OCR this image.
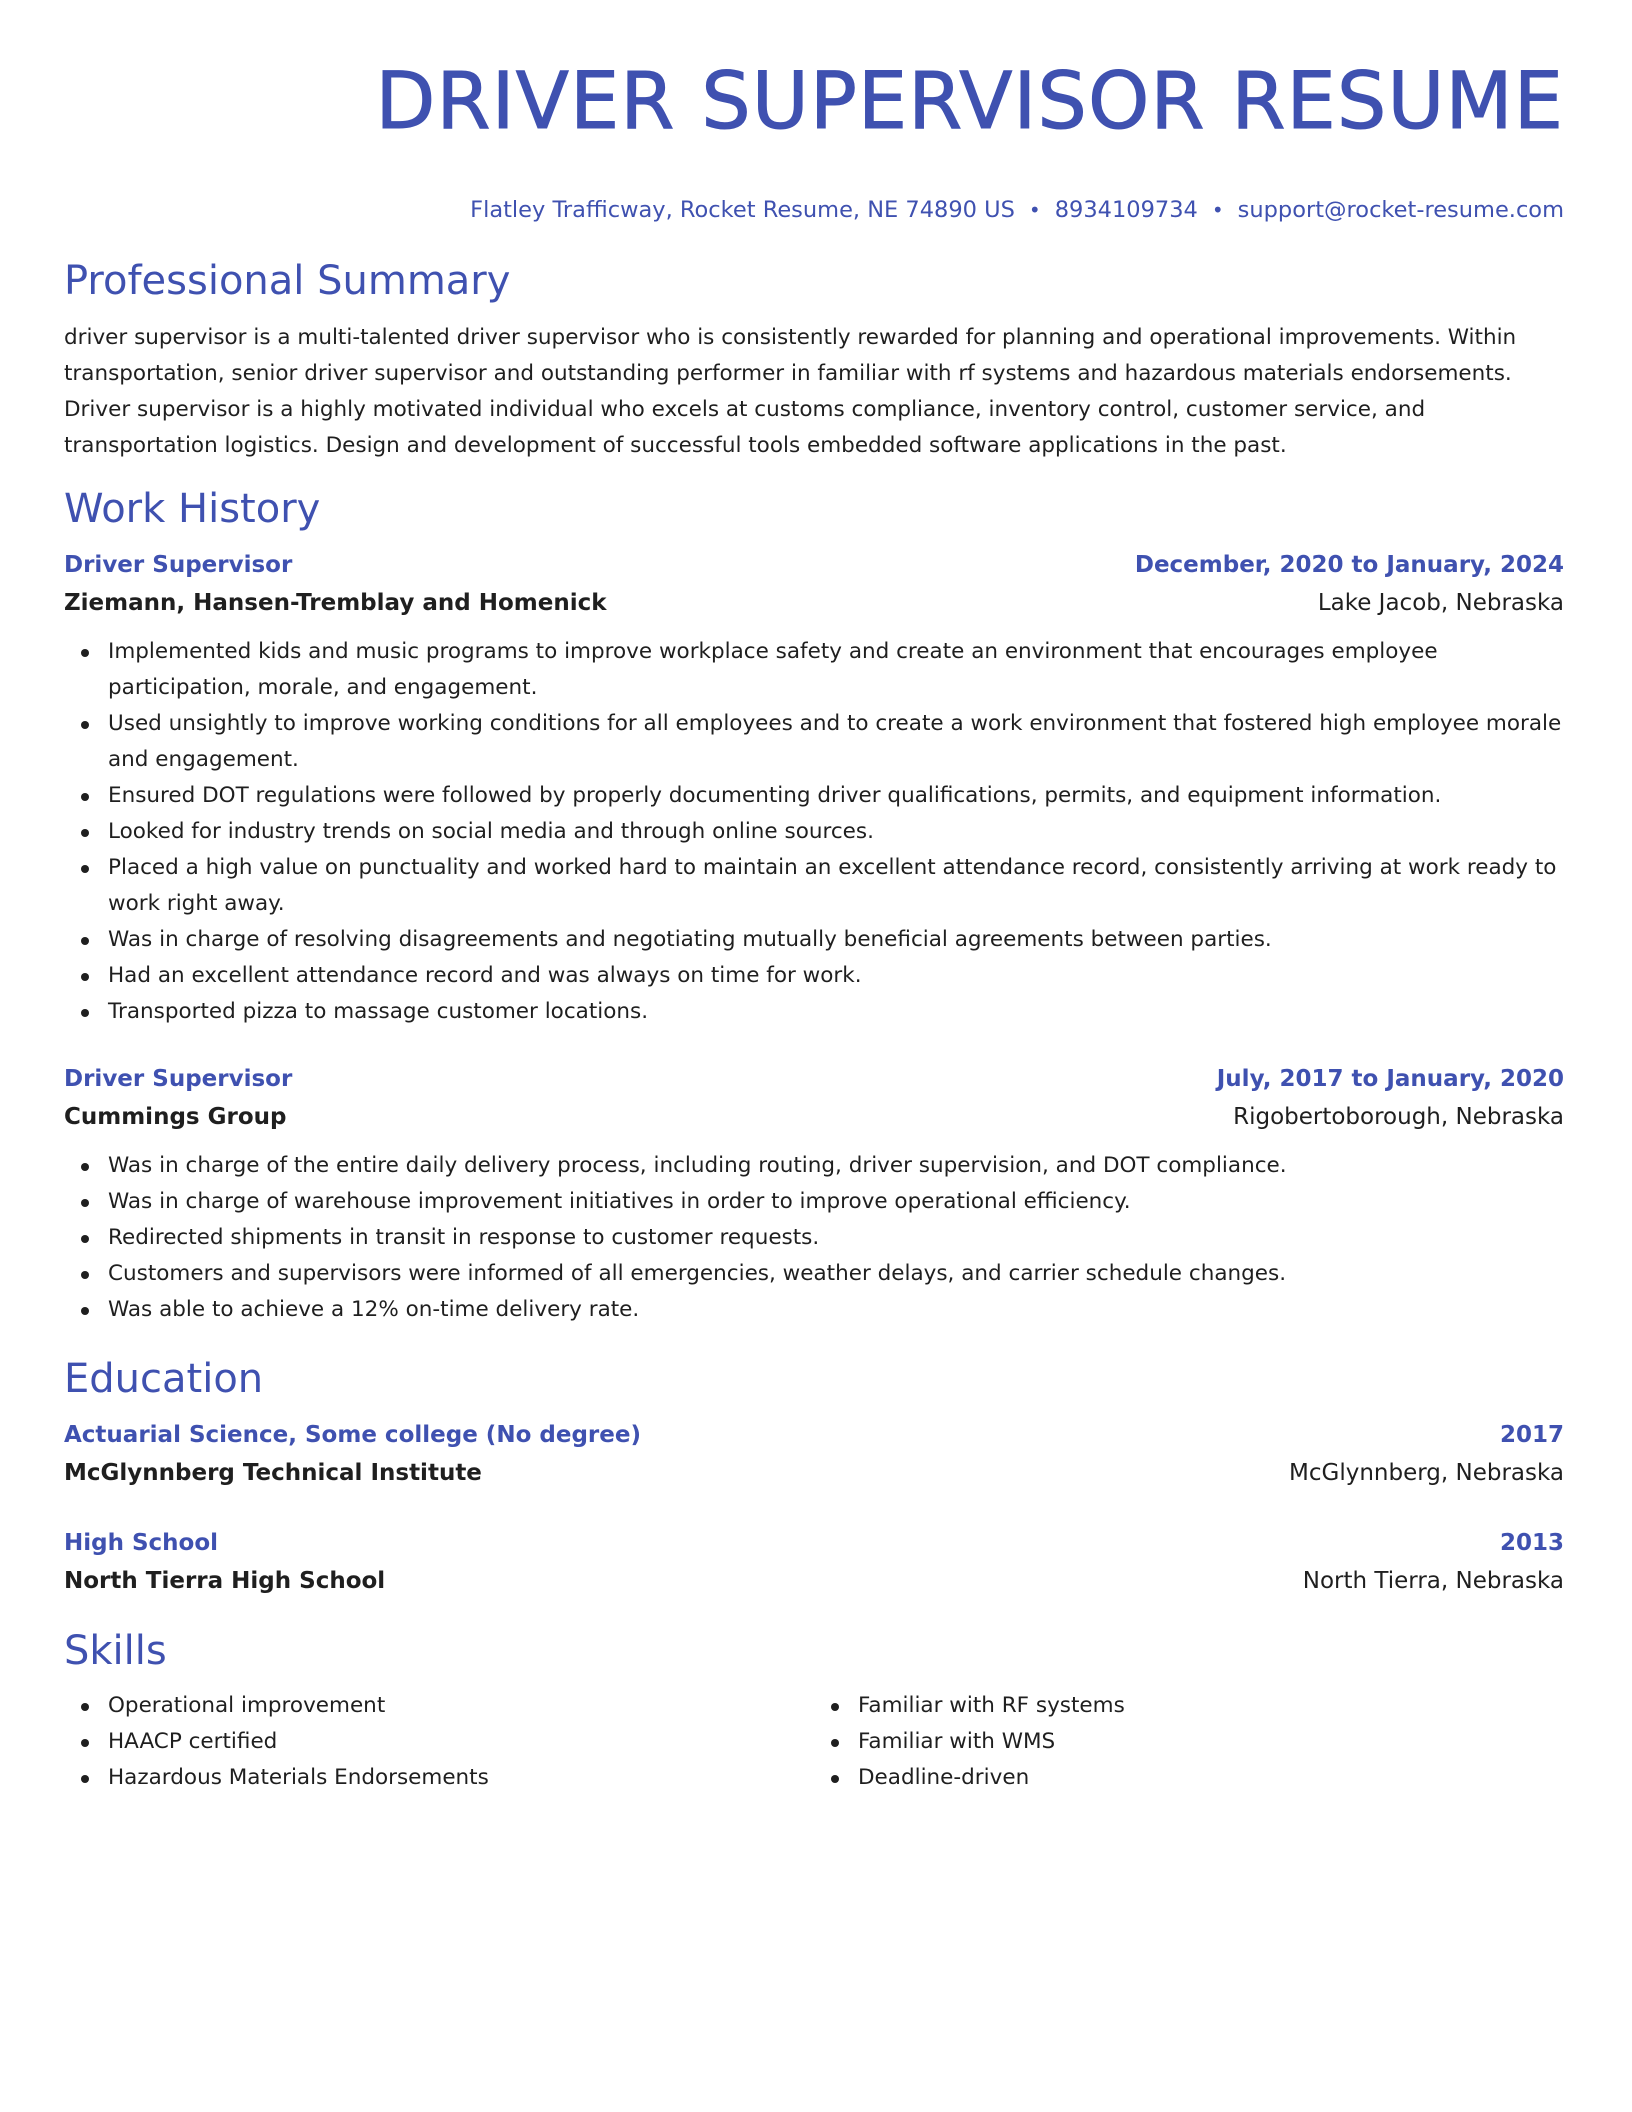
DRIVER SUPERVISOR RESUME
Flatley Trafficway, Rocket Resume, NE 74890 US • 8934109734 • support@rocket-resume.com
Professional Summary

driver supervisor is a multi-talented driver supervisor who is consistently rewarded for planning and operational improvements. Within transportation, senior driver supervisor and outstanding performer in familiar with rf systems and hazardous materials endorsements. Driver supervisor is a highly motivated individual who excels at customs compliance, inventory control, customer service, and transportation logistics. Design and development of successful tools embedded software applications in the past.

Work History
Driver Supervisor	December, 2020 to January, 2024
Ziemann, Hansen-Tremblay and Homenick	Lake Jacob, Nebraska
Implemented kids and music programs to improve workplace safety and create an environment that encourages employee participation, morale, and engagement.
Used unsightly to improve working conditions for all employees and to create a work environment that fostered high employee morale and engagement.
Ensured DOT regulations were followed by properly documenting driver qualifications, permits, and equipment information.
Looked for industry trends on social media and through online sources.
Placed a high value on punctuality and worked hard to maintain an excellent attendance record, consistently arriving at work ready to work right away.
Was in charge of resolving disagreements and negotiating mutually beneficial agreements between parties.
Had an excellent attendance record and was always on time for work.
Transported pizza to massage customer locations.
Driver Supervisor	July, 2017 to January, 2020
Cummings Group	Rigobertoborough, Nebraska
Was in charge of the entire daily delivery process, including routing, driver supervision, and DOT compliance.
Was in charge of warehouse improvement initiatives in order to improve operational efficiency.
Redirected shipments in transit in response to customer requests.
Customers and supervisors were informed of all emergencies, weather delays, and carrier schedule changes.
Was able to achieve a 12% on-time delivery rate.
Education
Actuarial Science, Some college (No degree)	2017
McGlynnberg Technical Institute	McGlynnberg, Nebraska
High School	2013
North Tierra High School	North Tierra, Nebraska
Skills
Operational improvement
HAACP certified
Hazardous Materials Endorsements
Familiar with RF systems
Familiar with WMS
Deadline-driven
